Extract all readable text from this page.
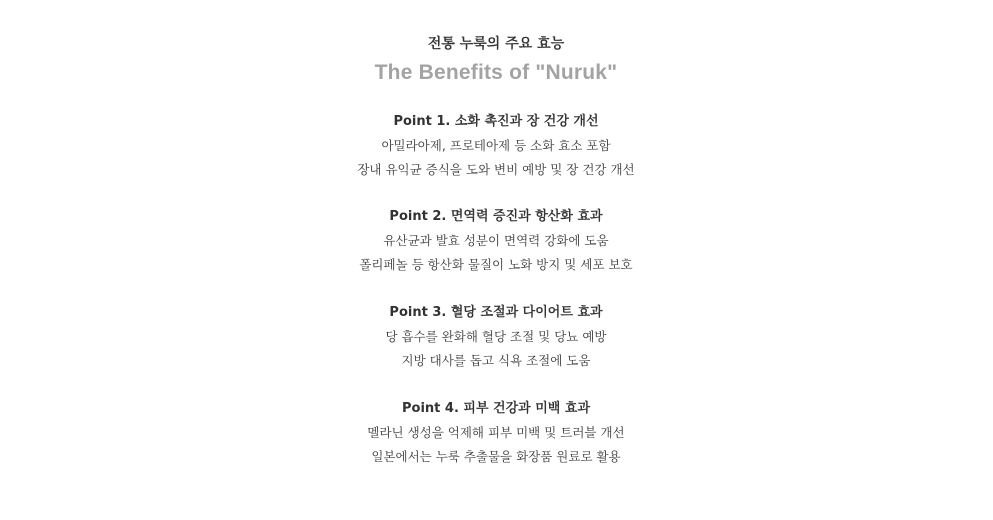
전통 누룩의 주요 효능
The Benefits of "Nuruk"
Point 1. 소화 촉진과 장 건강 개선
아밀라아제, 프로테아제 등 소화 효소 포함
장내 유익균 증식을 도와 변비 예방 및 장 건강 개선
Point 2. 면역력 증진과 항산화 효과
유산균과 발효 성분이 면역력 강화에 도움
폴리페놀 등 항산화 물질이 노화 방지 및 세포 보호
Point 3. 혈당 조절과 다이어트 효과
당 흡수를 완화해 혈당 조절 및 당뇨 예방
지방 대사를 돕고 식욕 조절에 도움
Point 4. 피부 건강과 미백 효과
멜라닌 생성을 억제해 피부 미백 및 트러블 개선
일본에서는 누룩 추출물을 화장품 원료로 활용
